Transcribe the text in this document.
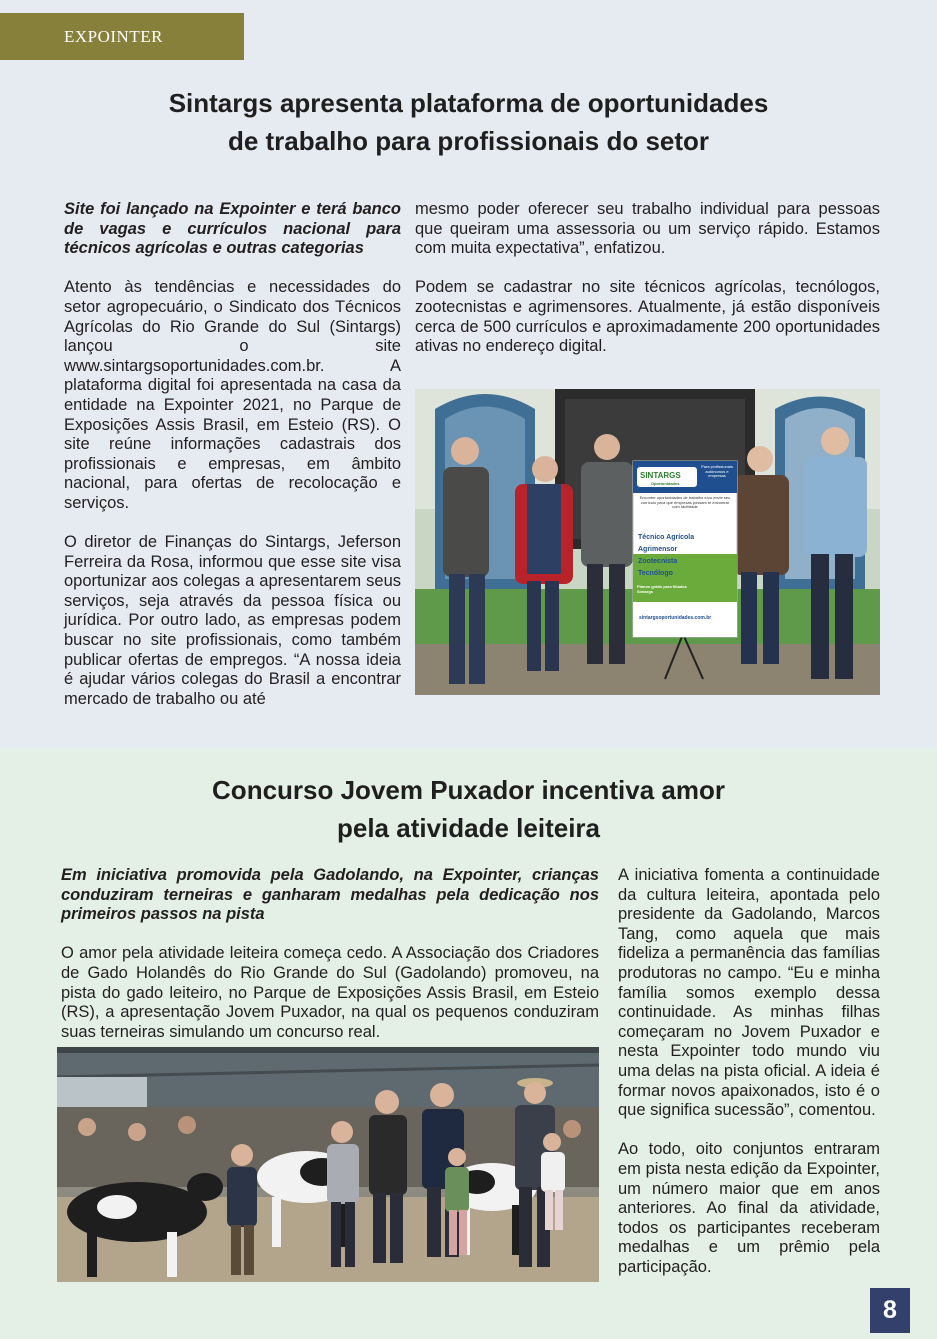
EXPOINTER
Sintargs apresenta plataforma de oportunidades
de trabalho para profissionais do setor

Site foi lançado na Expointer e terá banco de vagas e currículos nacional para técnicos agrícolas e outras categorias

Atento às tendências e necessidades do setor agropecuário, o Sindicato dos Técnicos Agrícolas do Rio Grande do Sul (Sintargs) lançou o site www.sintargsoportunidades.com.br. A plataforma digital foi apresentada na casa da entidade na Expointer 2021, no Parque de Exposições Assis Brasil, em Esteio (RS). O site reúne informações cadastrais dos profissionais e empresas, em âmbito nacional, para ofertas de recolocação e serviços.

O diretor de Finanças do Sintargs, Jeferson Ferreira da Rosa, informou que esse site visa oportunizar aos colegas a apresentarem seus serviços, seja através da pessoa física ou jurídica. Por outro lado, as empresas podem buscar no site profissionais, como também publicar ofertas de empregos. “A nossa ideia é ajudar vários colegas do Brasil a encontrar mercado de trabalho ou até

mesmo poder oferecer seu trabalho individual para pessoas que queiram uma assessoria ou um serviço rápido. Estamos com muita expectativa”, enfatizou.

Podem se cadastrar no site técnicos agrícolas, tecnólogos, zootecnistas e agrimensores. Atualmente, já estão disponíveis cerca de 500 currículos e aproximadamente 200 oportunidades ativas no endereço digital.

SINTARGS
Oportunidades
Para profissionais autônomos e empresas
Encontre oportunidades de trabalho e/ou envie seu currículo para que empresas possam te encontrar com facilidade
Técnico Agrícola
Agrimensor
Zootecnista
Tecnólogo
Planos grátis para filiados Sintargs
sintargsoportunidades.com.br
Concurso Jovem Puxador incentiva amor
pela atividade leiteira

Em iniciativa promovida pela Gadolando, na Expointer, crianças conduziram terneiras e ganharam medalhas pela dedicação nos primeiros passos na pista

O amor pela atividade leiteira começa cedo. A Associação dos Criadores de Gado Holandês do Rio Grande do Sul (Gadolando) promoveu, na pista do gado leiteiro, no Parque de Exposições Assis Brasil, em Esteio (RS), a apresentação Jovem Puxador, na qual os pequenos conduziram suas terneiras simulando um concurso real.

A iniciativa fomenta a continuidade da cultura leiteira, apontada pelo presidente da Gadolando, Marcos Tang, como aquela que mais fideliza a permanência das famílias produtoras no campo. “Eu e minha família somos exemplo dessa continuidade. As minhas filhas começaram no Jovem Puxador e nesta Expointer todo mundo viu uma delas na pista oficial. A ideia é formar novos apaixonados, isto é o que significa sucessão”, comentou.

Ao todo, oito conjuntos entraram em pista nesta edição da Expointer, um número maior que em anos anteriores. Ao final da atividade, todos os participantes receberam medalhas e um prêmio pela participação.

8
